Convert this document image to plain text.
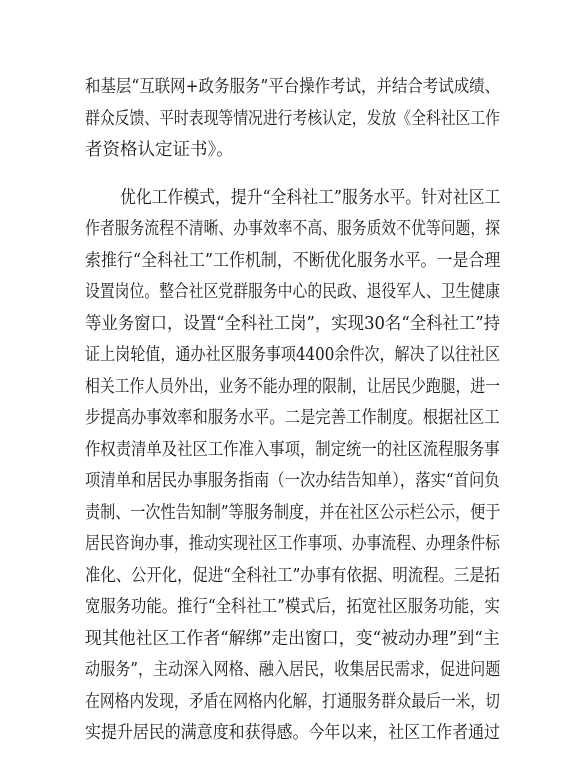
和基层“互联网+政务服务”平台操作考试，并结合考试成绩、
群众反馈、平时表现等情况进行考核认定，发放《全科社区工作
者资格认定证书》。
优化工作模式，提升“全科社工”服务水平。针对社区工
作者服务流程不清晰、办事效率不高、服务质效不优等问题，探
索推行“全科社工”工作机制，不断优化服务水平。一是合理
设置岗位。整合社区党群服务中心的民政、退役军人、卫生健康
等业务窗口，设置“全科社工岗”，实现30名“全科社工”持
证上岗轮值，通办社区服务事项4400余件次，解决了以往社区
相关工作人员外出，业务不能办理的限制，让居民少跑腿，进一
步提高办事效率和服务水平。二是完善工作制度。根据社区工
作权责清单及社区工作准入事项，制定统一的社区流程服务事
项清单和居民办事服务指南（一次办结告知单），落实“首问负
责制、一次性告知制”等服务制度，并在社区公示栏公示，便于
居民咨询办事，推动实现社区工作事项、办事流程、办理条件标
准化、公开化，促进“全科社工”办事有依据、明流程。三是拓
宽服务功能。推行“全科社工”模式后，拓宽社区服务功能，实
现其他社区工作者“解绑”走出窗口，变“被动办理”到“主
动服务”，主动深入网格、融入居民，收集居民需求，促进问题
在网格内发现，矛盾在网格内化解，打通服务群众最后一米，切
实提升居民的满意度和获得感。今年以来，社区工作者通过
